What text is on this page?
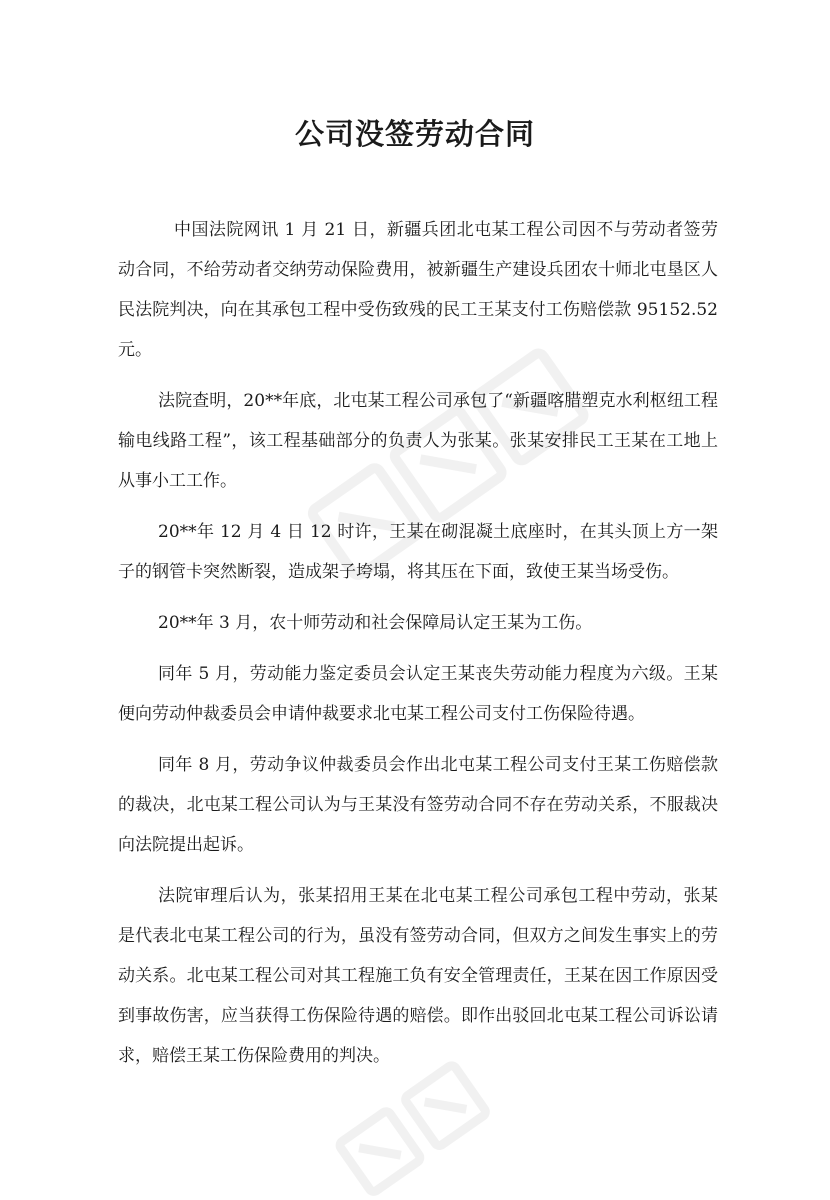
公司没签劳动合同

中国法院网讯 1 月 21 日，新疆兵团北屯某工程公司因不与劳动者签劳动合同，不给劳动者交纳劳动保险费用，被新疆生产建设兵团农十师北屯垦区人民法院判决，向在其承包工程中受伤致残的民工王某支付工伤赔偿款 95152.52 元。

法院查明，20**年底，北屯某工程公司承包了“新疆喀腊塑克水利枢纽工程输电线路工程”，该工程基础部分的负责人为张某。张某安排民工王某在工地上从事小工工作。

20**年 12 月 4 日 12 时许，王某在砌混凝土底座时，在其头顶上方一架子的钢管卡突然断裂，造成架子垮塌，将其压在下面，致使王某当场受伤。

20**年 3 月，农十师劳动和社会保障局认定王某为工伤。

同年 5 月，劳动能力鉴定委员会认定王某丧失劳动能力程度为六级。王某便向劳动仲裁委员会申请仲裁要求北屯某工程公司支付工伤保险待遇。

同年 8 月，劳动争议仲裁委员会作出北屯某工程公司支付王某工伤赔偿款的裁决，北屯某工程公司认为与王某没有签劳动合同不存在劳动关系，不服裁决向法院提出起诉。

法院审理后认为，张某招用王某在北屯某工程公司承包工程中劳动，张某是代表北屯某工程公司的行为，虽没有签劳动合同，但双方之间发生事实上的劳动关系。北屯某工程公司对其工程施工负有安全管理责任，王某在因工作原因受到事故伤害，应当获得工伤保险待遇的赔偿。即作出驳回北屯某工程公司诉讼请求，赔偿王某工伤保险费用的判决。
